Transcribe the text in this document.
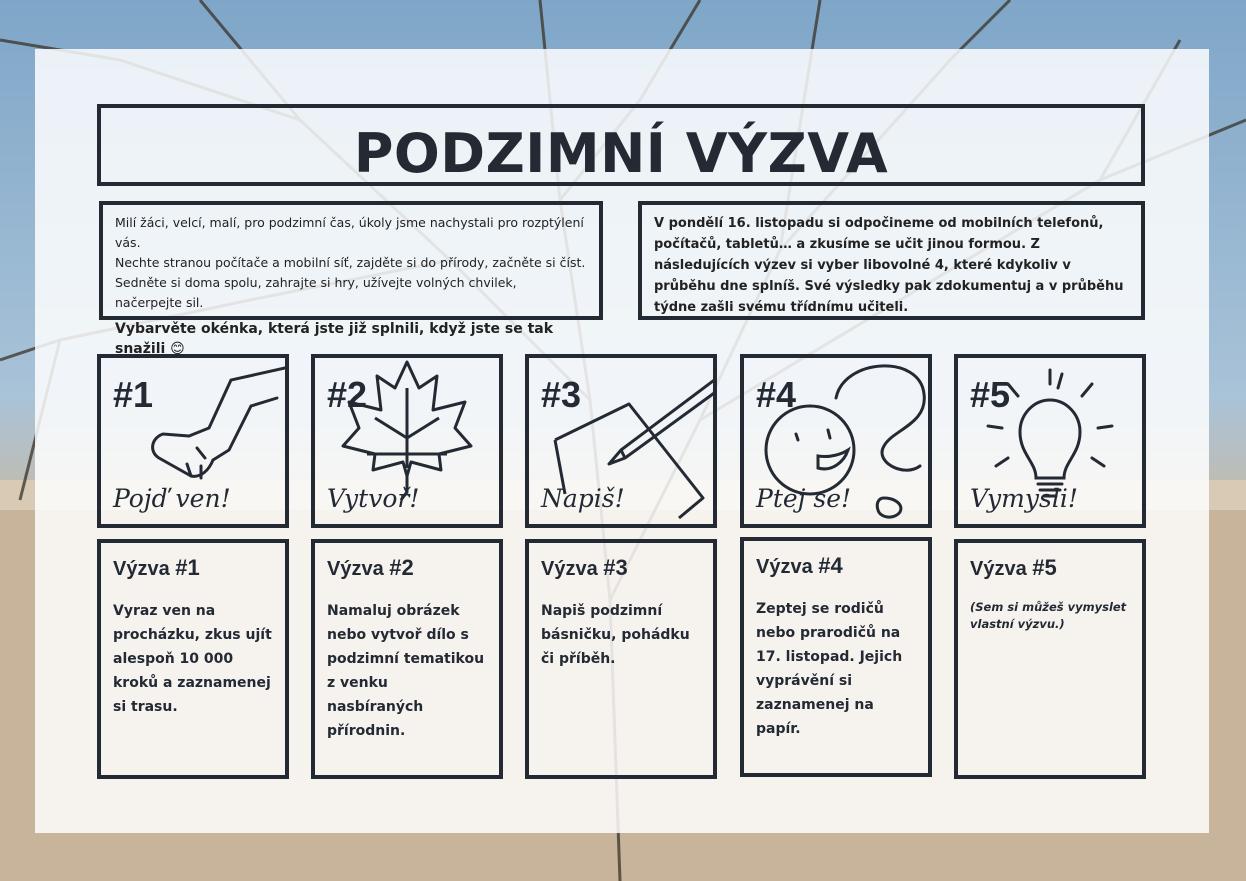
PODZIMNÍ VÝZVA

Milí žáci, velcí, malí, pro podzimní čas, úkoly jsme nachystali pro rozptýlení vás.

Nechte stranou počítače a mobilní síť, zajděte si do přírody, začněte si číst.

Sedněte si doma spolu, zahrajte si hry, užívejte volných chvilek, načerpejte sil.

Vybarvěte okénka, která jste již splnili, když jste se tak snažili 😊

V pondělí 16. listopadu si odpočineme od mobilních telefonů, počítačů, tabletů… a zkusíme se učit jinou formou. Z následujících výzev si vyber libovolné 4, které kdykoliv v průběhu dne splníš. Své výsledky pak zdokumentuj a v průběhu týdne zašli svému třídnímu učiteli.

#1
Pojď ven!
#2
Vytvoř!
#3
Napiš!
#4
Ptej se!
#5
Vymysli!
Výzva #1
Vyraz ven na procházku, zkus ujít alespoň 10 000 kroků a zaznamenej si trasu.
Výzva #2
Namaluj obrázek nebo vytvoř dílo s podzimní tematikou z venku nasbíraných přírodnin.
Výzva #3
Napiš podzimní básničku, pohádku či příběh.
Výzva #4
Zeptej se rodičů nebo prarodičů na 17. listopad. Jejich vyprávění si zaznamenej na papír.
Výzva #5
(Sem si můžeš vymyslet vlastní výzvu.)
